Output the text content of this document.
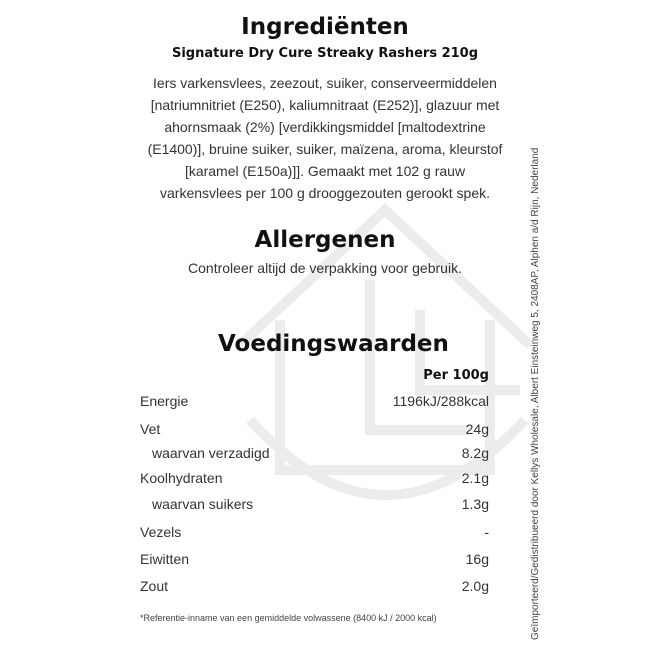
Ingrediënten
Signature Dry Cure Streaky Rashers 210g
Iers varkensvlees, zeezout, suiker, conserveermiddelen
[natriumnitriet (E250), kaliumnitraat (E252)], glazuur met
ahornsmaak (2%) [verdikkingsmiddel [maltodextrine
(E1400)], bruine suiker, suiker, maïzena, aroma, kleurstof
[karamel (E150a)]]. Gemaakt met 102 g rauw
varkensvlees per 100 g drooggezouten gerookt spek.
Allergenen
Controleer altijd de verpakking voor gebruik.
Voedingswaarden
Per 100g
Energie	1196kJ/288kcal
Vet	24g
waarvan verzadigd	8.2g
Koolhydraten	2.1g
waarvan suikers	1.3g
Vezels	-
Eiwitten	16g
Zout	2.0g
*Referentie-inname van een gemiddelde volwassene (8400 kJ / 2000 kcal)	Geïmporteerd/Gedistribueerd door Kellys Wholesale, Albert Einsteinweg 5, 2408AP, Alphen a/d Rijn, Nederland
